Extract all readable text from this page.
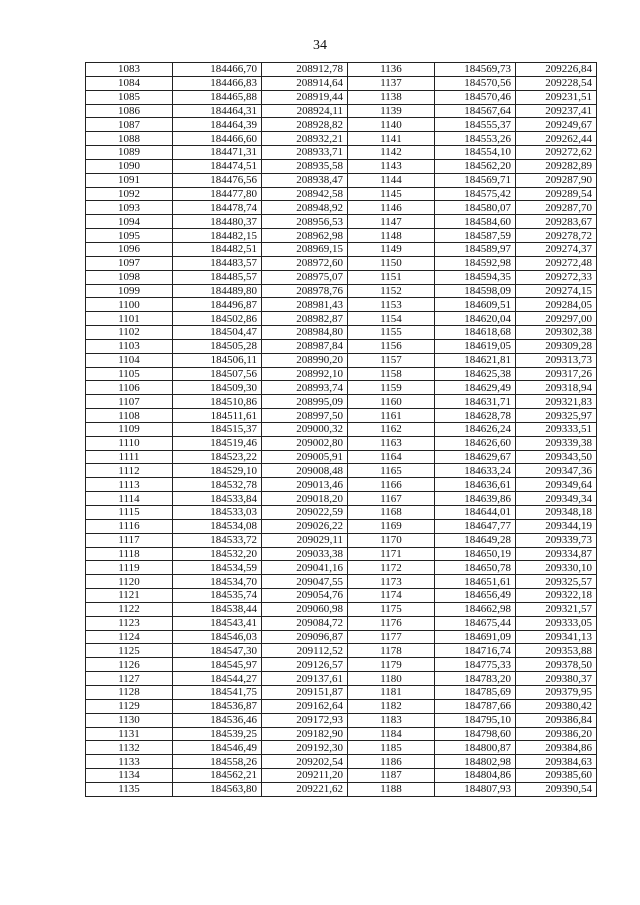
34
1083	184466,70	208912,78	1136	184569,73	209226,84
1084	184466,83	208914,64	1137	184570,56	209228,54
1085	184465,88	208919,44	1138	184570,46	209231,51
1086	184464,31	208924,11	1139	184567,64	209237,41
1087	184464,39	208928,82	1140	184555,37	209249,67
1088	184466,60	208932,21	1141	184553,26	209262,44
1089	184471,31	208933,71	1142	184554,10	209272,62
1090	184474,51	208935,58	1143	184562,20	209282,89
1091	184476,56	208938,47	1144	184569,71	209287,90
1092	184477,80	208942,58	1145	184575,42	209289,54
1093	184478,74	208948,92	1146	184580,07	209287,70
1094	184480,37	208956,53	1147	184584,60	209283,67
1095	184482,15	208962,98	1148	184587,59	209278,72
1096	184482,51	208969,15	1149	184589,97	209274,37
1097	184483,57	208972,60	1150	184592,98	209272,48
1098	184485,57	208975,07	1151	184594,35	209272,33
1099	184489,80	208978,76	1152	184598,09	209274,15
1100	184496,87	208981,43	1153	184609,51	209284,05
1101	184502,86	208982,87	1154	184620,04	209297,00
1102	184504,47	208984,80	1155	184618,68	209302,38
1103	184505,28	208987,84	1156	184619,05	209309,28
1104	184506,11	208990,20	1157	184621,81	209313,73
1105	184507,56	208992,10	1158	184625,38	209317,26
1106	184509,30	208993,74	1159	184629,49	209318,94
1107	184510,86	208995,09	1160	184631,71	209321,83
1108	184511,61	208997,50	1161	184628,78	209325,97
1109	184515,37	209000,32	1162	184626,24	209333,51
1110	184519,46	209002,80	1163	184626,60	209339,38
1111	184523,22	209005,91	1164	184629,67	209343,50
1112	184529,10	209008,48	1165	184633,24	209347,36
1113	184532,78	209013,46	1166	184636,61	209349,64
1114	184533,84	209018,20	1167	184639,86	209349,34
1115	184533,03	209022,59	1168	184644,01	209348,18
1116	184534,08	209026,22	1169	184647,77	209344,19
1117	184533,72	209029,11	1170	184649,28	209339,73
1118	184532,20	209033,38	1171	184650,19	209334,87
1119	184534,59	209041,16	1172	184650,78	209330,10
1120	184534,70	209047,55	1173	184651,61	209325,57
1121	184535,74	209054,76	1174	184656,49	209322,18
1122	184538,44	209060,98	1175	184662,98	209321,57
1123	184543,41	209084,72	1176	184675,44	209333,05
1124	184546,03	209096,87	1177	184691,09	209341,13
1125	184547,30	209112,52	1178	184716,74	209353,88
1126	184545,97	209126,57	1179	184775,33	209378,50
1127	184544,27	209137,61	1180	184783,20	209380,37
1128	184541,75	209151,87	1181	184785,69	209379,95
1129	184536,87	209162,64	1182	184787,66	209380,42
1130	184536,46	209172,93	1183	184795,10	209386,84
1131	184539,25	209182,90	1184	184798,60	209386,20
1132	184546,49	209192,30	1185	184800,87	209384,86
1133	184558,26	209202,54	1186	184802,98	209384,63
1134	184562,21	209211,20	1187	184804,86	209385,60
1135	184563,80	209221,62	1188	184807,93	209390,54
